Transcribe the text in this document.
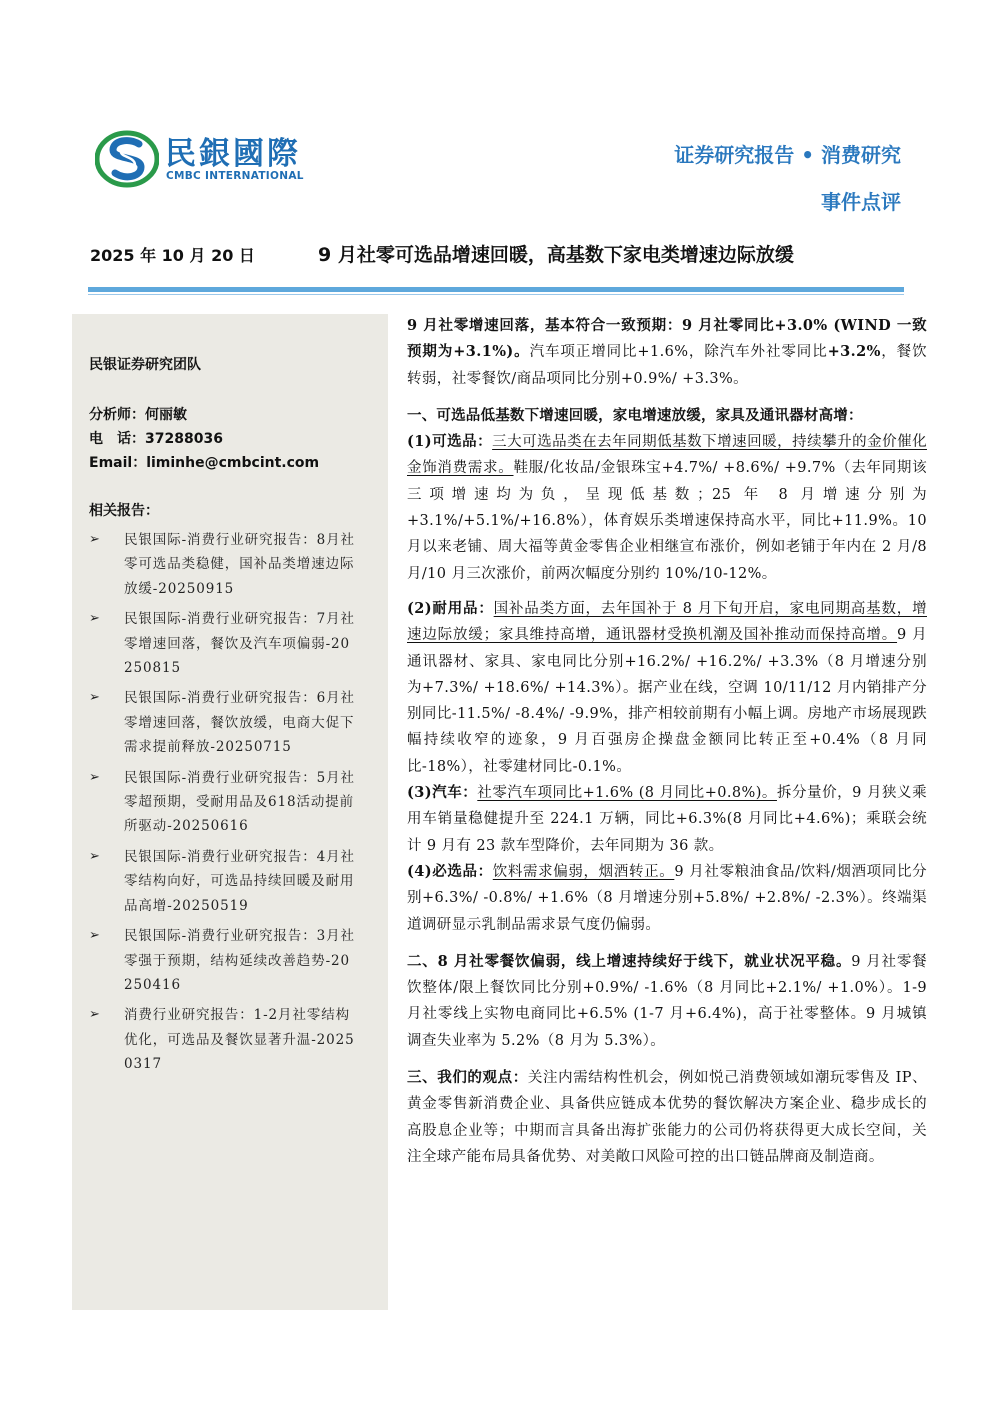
民銀國際
CMBC INTERNATIONAL
证券研究报告 • 消费研究
事件点评
2025 年 10 月 20 日	9 月社零可选品增速回暖，高基数下家电类增速边际放缓
民银证券研究团队
分析师：何丽敏
电　话：37288036
Email：liminhe@cmbcint.com
相关报告：
➢ 民银国际-消费行业研究报告：8月社零可选品类稳健，国补品类增速边际放缓-20250915
➢ 民银国际-消费行业研究报告：7月社零增速回落，餐饮及汽车项偏弱-20250815
➢ 民银国际-消费行业研究报告：6月社零增速回落，餐饮放缓，电商大促下需求提前释放-20250715
➢ 民银国际-消费行业研究报告：5月社零超预期，受耐用品及618活动提前所驱动-20250616
➢ 民银国际-消费行业研究报告：4月社零结构向好，可选品持续回暖及耐用品高增-20250519
➢ 民银国际-消费行业研究报告：3月社零强于预期，结构延续改善趋势-20250416
➢ 消费行业研究报告：1-2月社零结构优化，可选品及餐饮显著升温-20250317

9 月社零增速回落，基本符合一致预期：9 月社零同比+3.0% (WIND 一致预期为+3.1%)。汽车项正增同比+1.6%，除汽车外社零同比+3.2%，餐饮转弱，社零餐饮/商品项同比分别+0.9%/ +3.3%。

一、可选品低基数下增速回暖，家电增速放缓，家具及通讯器材高增：

(1)可选品：三大可选品类在去年同期低基数下增速回暖，持续攀升的金价催化金饰消费需求。鞋服/化妆品/金银珠宝+4.7%/ +8.6%/ +9.7%（去年同期该三项增速均为负，呈现低基数；25 年 8 月增速分别为+3.1%/+5.1%/+16.8%），体育娱乐类增速保持高水平，同比+11.9%。10 月以来老铺、周大福等黄金零售企业相继宣布涨价，例如老铺于年内在 2 月/8 月/10 月三次涨价，前两次幅度分别约 10%/10-12%。

(2)耐用品：国补品类方面，去年国补于 8 月下旬开启，家电同期高基数，增速边际放缓；家具维持高增，通讯器材受换机潮及国补推动而保持高增。9 月通讯器材、家具、家电同比分别+16.2%/ +16.2%/ +3.3%（8 月增速分别为+7.3%/ +18.6%/ +14.3%）。据产业在线，空调 10/11/12 月内销排产分别同比-11.5%/ -8.4%/ -9.9%，排产相较前期有小幅上调。房地产市场展现跌幅持续收窄的迹象，9 月百强房企操盘金额同比转正至+0.4%（8 月同比-18%），社零建材同比-0.1%。

(3)汽车：社零汽车项同比+1.6% (8 月同比+0.8%)。拆分量价，9 月狭义乘用车销量稳健提升至 224.1 万辆，同比+6.3%(8 月同比+4.6%)；乘联会统计 9 月有 23 款车型降价，去年同期为 36 款。

(4)必选品：饮料需求偏弱，烟酒转正。9 月社零粮油食品/饮料/烟酒项同比分别+6.3%/ -0.8%/ +1.6%（8 月增速分别+5.8%/ +2.8%/ -2.3%）。终端渠道调研显示乳制品需求景气度仍偏弱。

二、8 月社零餐饮偏弱，线上增速持续好于线下，就业状况平稳。9 月社零餐饮整体/限上餐饮同比分别+0.9%/ -1.6%（8 月同比+2.1%/ +1.0%）。1-9 月社零线上实物电商同比+6.5% (1-7 月+6.4%)，高于社零整体。9 月城镇调查失业率为 5.2%（8 月为 5.3%）。

三、我们的观点：关注内需结构性机会，例如悦己消费领域如潮玩零售及 IP、黄金零售新消费企业、具备供应链成本优势的餐饮解决方案企业、稳步成长的高股息企业等；中期而言具备出海扩张能力的公司仍将获得更大成长空间，关注全球产能布局具备优势、对美敞口风险可控的出口链品牌商及制造商。
